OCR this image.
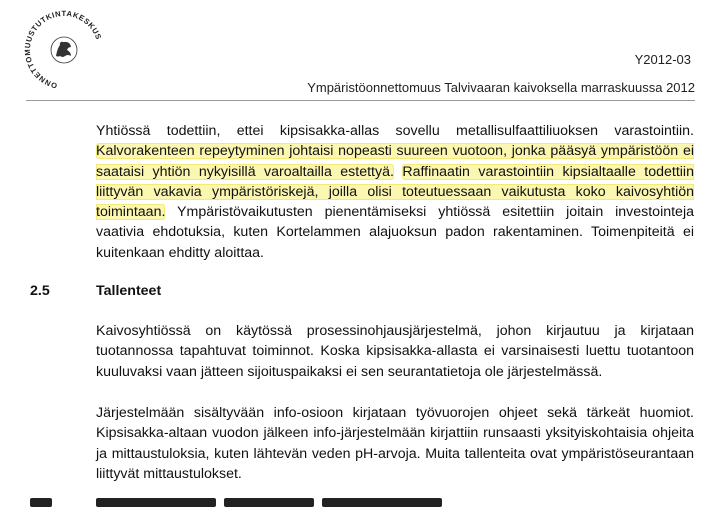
ONNETTOMUUSTUTKINTAKESKUS
Y2012-03
Ympäristöonnettomuus Talvivaaran kaivoksella marraskuussa 2012

Yhtiössä todettiin, ettei kipsisakka-allas sovellu metallisulfaattiliuoksen varastointiin. Kalvorakenteen repeytyminen johtaisi nopeasti suureen vuotoon, jonka pääsyä ympäristöön ei saataisi yhtiön nykyisillä varoaltailla estettyä. Raffinaatin varastointiin kipsialtaalle todettiin liittyvän vakavia ympäristöriskejä, joilla olisi toteutuessaan vaikutusta koko kaivosyhtiön toimintaan. Ympäristövaikutusten pienentämiseksi yhtiössä esitettiin joitain investointeja vaativia ehdotuksia, kuten Kortelammen alajuoksun padon rakentaminen. Toimenpiteitä ei kuitenkaan ehditty aloittaa.

2.5	Tallenteet

Kaivosyhtiössä on käytössä prosessinohjausjärjestelmä, johon kirjautuu ja kirjataan tuotannossa tapahtuvat toiminnot. Koska kipsisakka-allasta ei varsinaisesti luettu tuotantoon kuuluvaksi vaan jätteen sijoituspaikaksi ei sen seurantatietoja ole järjestelmässä.

Järjestelmään sisältyvään info-osioon kirjataan työvuorojen ohjeet sekä tärkeät huomiot. Kipsisakka-altaan vuodon jälkeen info-järjestelmään kirjattiin runsaasti yksityiskohtaisia ohjeita ja mittaustuloksia, kuten lähtevän veden pH-arvoja. Muita tallenteita ovat ympäristöseurantaan liittyvät mittaustulokset.
